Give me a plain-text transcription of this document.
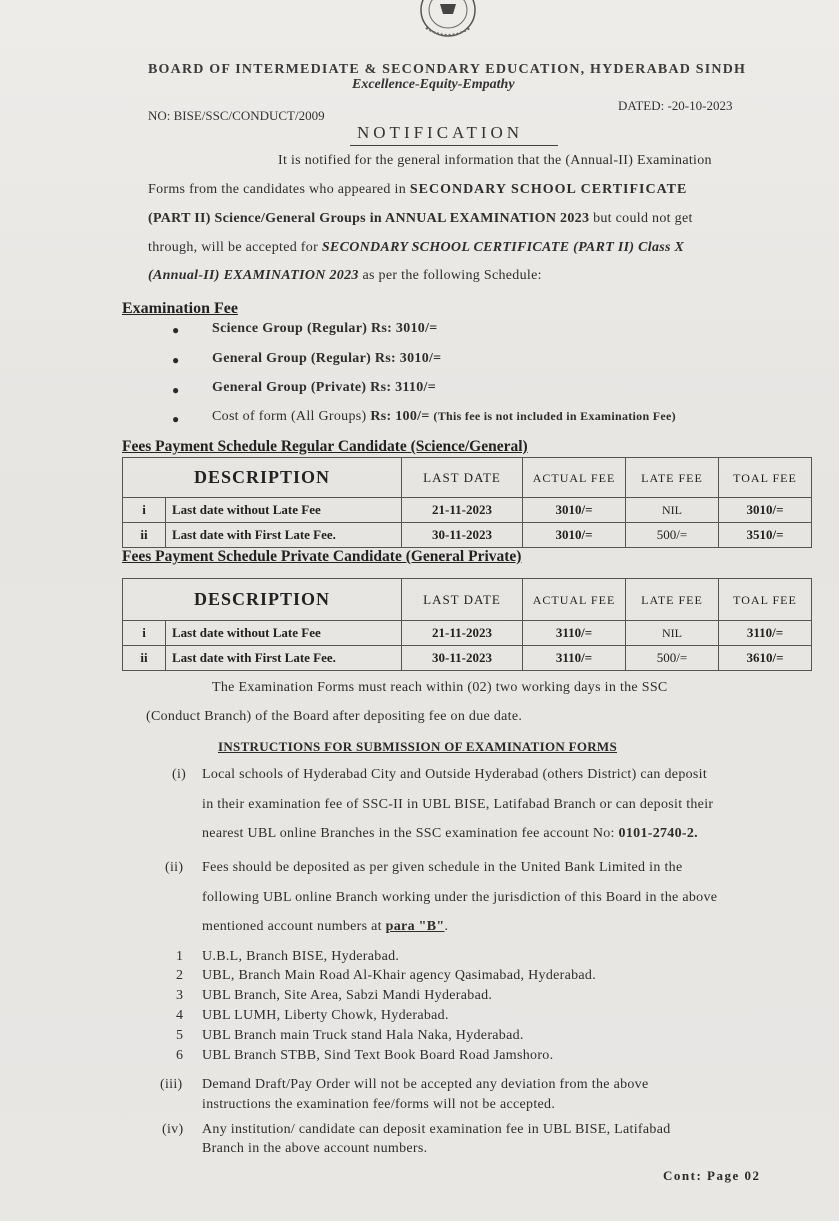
BOARD OF INTERMEDIATE & SECONDARY EDUCATION, HYDERABAD SINDH
Excellence-Equity-Empathy
NO: BISE/SSC/CONDUCT/2009
DATED: -20-10-2023
NOTIFICATION
It is notified for the general information that the (Annual-II) Examination
Forms from the candidates who appeared in SECONDARY SCHOOL CERTIFICATE
(PART II) Science/General Groups in ANNUAL EXAMINATION 2023 but could not get
through, will be accepted for SECONDARY SCHOOL CERTIFICATE (PART II) Class X
(Annual-II) EXAMINATION 2023 as per the following Schedule:
Examination Fee
● Science Group (Regular) Rs: 3010/=
● General Group (Regular) Rs: 3010/=
● General Group (Private) Rs: 3110/=
● Cost of form (All Groups) Rs: 100/= (This fee is not included in Examination Fee)
Fees Payment Schedule Regular Candidate (Science/General)
DESCRIPTION		LAST DATE	ACTUAL FEE	LATE FEE	TOAL FEE
i	Last date without Late Fee	21-11-2023	3010/=	NIL	3010/=
ii	Last date with First Late Fee.	30-11-2023	3010/=	500/=	3510/=
Fees Payment Schedule Private Candidate (General Private)
DESCRIPTION		LAST DATE	ACTUAL FEE	LATE FEE	TOAL FEE
i	Last date without Late Fee	21-11-2023	3110/=	NIL	3110/=
ii	Last date with First Late Fee.	30-11-2023	3110/=	500/=	3610/=
The Examination Forms must reach within (02) two working days in the SSC
(Conduct Branch) of the Board after depositing fee on due date.
INSTRUCTIONS FOR SUBMISSION OF EXAMINATION FORMS
(i) Local schools of Hyderabad City and Outside Hyderabad (others District) can deposit
in their examination fee of SSC-II in UBL BISE, Latifabad Branch or can deposit their
nearest UBL online Branches in the SSC examination fee account No: 0101-2740-2.
(ii) Fees should be deposited as per given schedule in the United Bank Limited in the
following UBL online Branch working under the jurisdiction of this Board in the above
mentioned account numbers at para "B".
1 U.B.L, Branch BISE, Hyderabad.
2 UBL, Branch Main Road Al-Khair agency Qasimabad, Hyderabad.
3 UBL Branch, Site Area, Sabzi Mandi Hyderabad.
4 UBL LUMH, Liberty Chowk, Hyderabad.
5 UBL Branch main Truck stand Hala Naka, Hyderabad.
6 UBL Branch STBB, Sind Text Book Board Road Jamshoro.
(iii) Demand Draft/Pay Order will not be accepted any deviation from the above
instructions the examination fee/forms will not be accepted.
(iv) Any institution/ candidate can deposit examination fee in UBL BISE, Latifabad
Branch in the above account numbers.
Cont: Page 02
